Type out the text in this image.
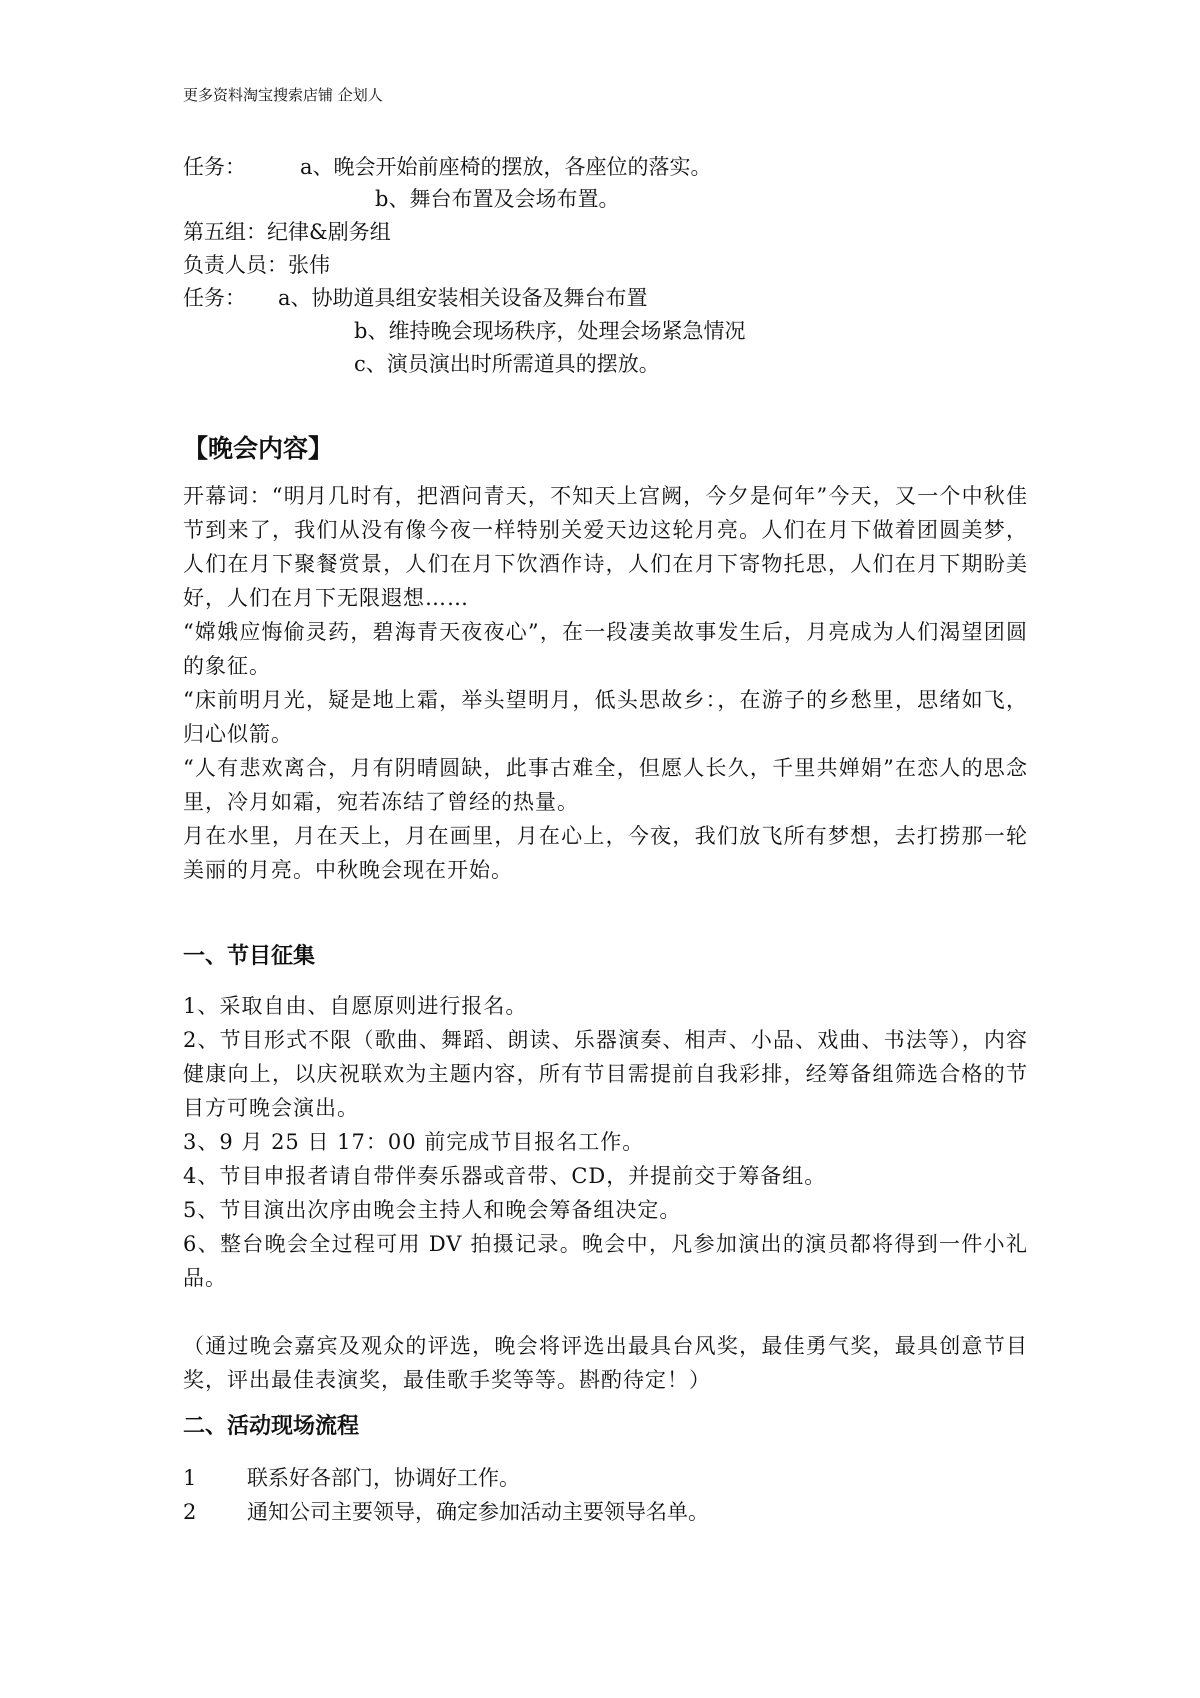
更多资料淘宝搜索店铺 企划人
任务：	a、晚会开始前座椅的摆放，各座位的落实。
b、舞台布置及会场布置。
第五组：纪律&剧务组
负责人员：张伟
任务： a、协助道具组安装相关设备及舞台布置
b、维持晚会现场秩序，处理会场紧急情况
c、演员演出时所需道具的摆放。
【晚会内容】
开幕词：“明月几时有，把酒问青天，不知天上宫阙，今夕是何年”今天，又一个中秋佳节到来了，我们从没有像今夜一样特别关爱天边这轮月亮。人们在月下做着团圆美梦，人们在月下聚餐赏景，人们在月下饮酒作诗，人们在月下寄物托思，人们在月下期盼美好，人们在月下无限遐想……
“嫦娥应悔偷灵药，碧海青天夜夜心”，在一段凄美故事发生后，月亮成为人们渴望团圆的象征。
“床前明月光，疑是地上霜，举头望明月，低头思故乡：，在游子的乡愁里，思绪如飞，归心似箭。
“人有悲欢离合，月有阴晴圆缺，此事古难全，但愿人长久，千里共婵娟”在恋人的思念里，冷月如霜，宛若冻结了曾经的热量。
月在水里，月在天上，月在画里，月在心上，今夜，我们放飞所有梦想，去打捞那一轮美丽的月亮。中秋晚会现在开始。
一、节目征集
1、采取自由、自愿原则进行报名。
2、节目形式不限（歌曲、舞蹈、朗读、乐器演奏、相声、小品、戏曲、书法等），内容健康向上，以庆祝联欢为主题内容，所有节目需提前自我彩排，经筹备组筛选合格的节目方可晚会演出。
3、9 月 25 日 17：00 前完成节目报名工作。
4、节目申报者请自带伴奏乐器或音带、CD，并提前交于筹备组。
5、节目演出次序由晚会主持人和晚会筹备组决定。
6、整台晚会全过程可用 DV 拍摄记录。晚会中，凡参加演出的演员都将得到一件小礼品。
（通过晚会嘉宾及观众的评选，晚会将评选出最具台风奖，最佳勇气奖，最具创意节目奖，评出最佳表演奖，最佳歌手奖等等。斟酌待定！）
二、活动现场流程
1 联系好各部门，协调好工作。
2 通知公司主要领导，确定参加活动主要领导名单。
